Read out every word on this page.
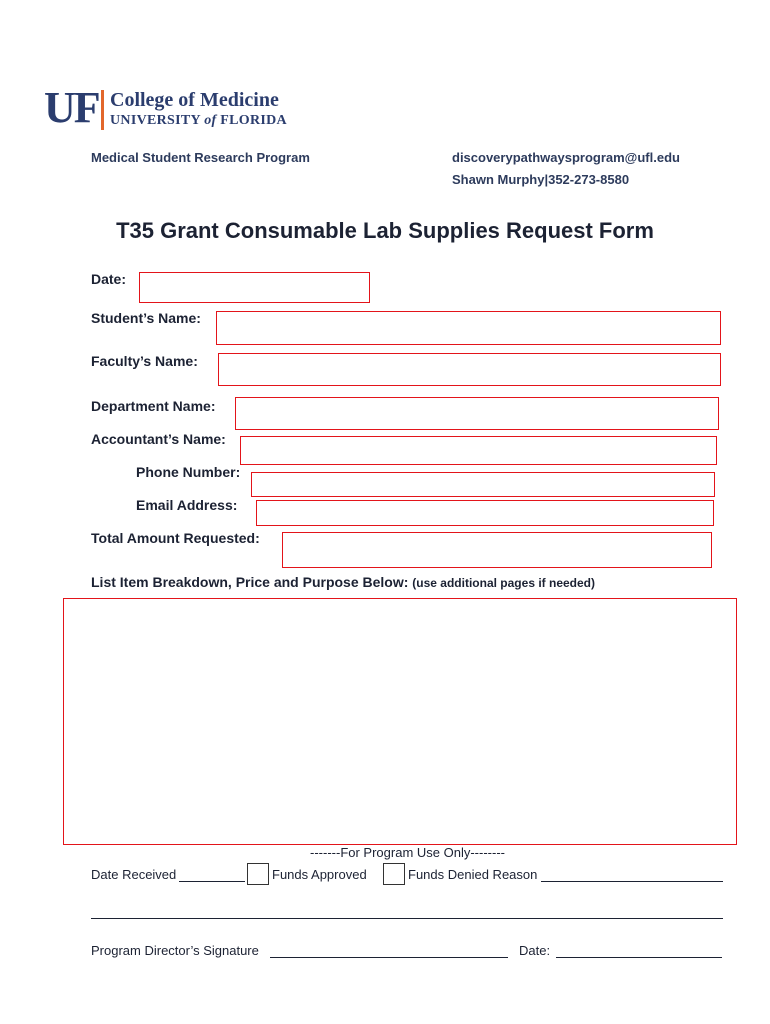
UF College of Medicine
UNIVERSITY of FLORIDA
Medical Student Research Program	discoverypathwaysprogram@ufl.edu
Shawn Murphy|352-273-8580
T35 Grant Consumable Lab Supplies Request Form
Date:
Student’s Name:
Faculty’s Name:
Department Name:
Accountant’s Name:
Phone Number:
Email Address:
Total Amount Requested:
List Item Breakdown, Price and Purpose Below: (use additional pages if needed)
-------For Program Use Only--------
Date Received	Funds Approved	Funds Denied Reason
Program Director’s Signature	Date:
